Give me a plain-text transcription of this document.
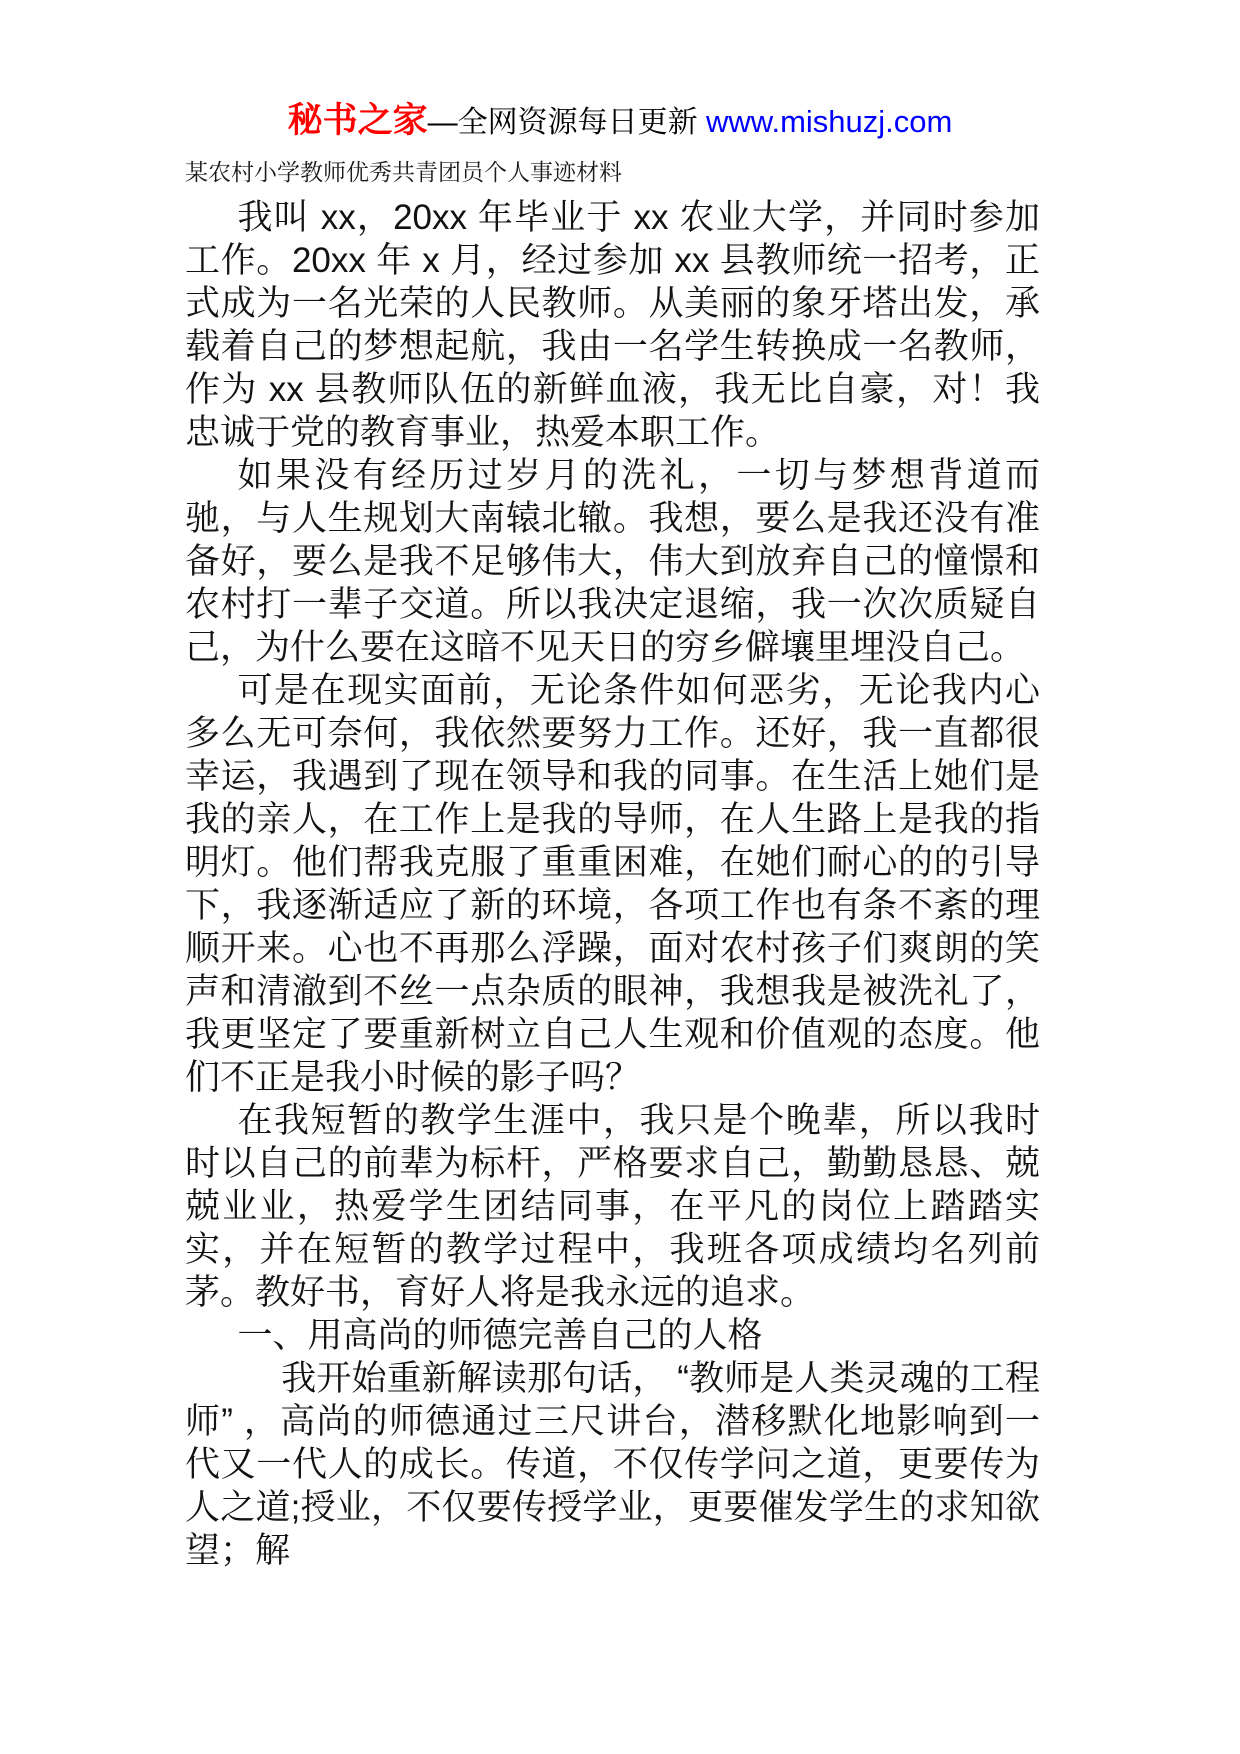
秘书之家—全网资源每日更新 www.mishuzj.com
某农村小学教师优秀共青团员个人事迹材料

我叫 xx，20xx 年毕业于 xx 农业大学，并同时参加工作。20xx 年 x 月，经过参加 xx 县教师统一招考，正式成为一名光荣的人民教师。从美丽的象牙塔出发，承载着自己的梦想起航，我由一名学生转换成一名教师，作为 xx 县教师队伍的新鲜血液，我无比自豪，对！我忠诚于党的教育事业，热爱本职工作。

如果没有经历过岁月的洗礼，一切与梦想背道而驰，与人生规划大南辕北辙。我想，要么是我还没有准备好，要么是我不足够伟大，伟大到放弃自己的憧憬和农村打一辈子交道。所以我决定退缩，我一次次质疑自己，为什么要在这暗不见天日的穷乡僻壤里埋没自己。

可是在现实面前，无论条件如何恶劣，无论我内心多么无可奈何，我依然要努力工作。还好，我一直都很幸运，我遇到了现在领导和我的同事。在生活上她们是我的亲人，在工作上是我的导师，在人生路上是我的指明灯。他们帮我克服了重重困难，在她们耐心的的引导下，我逐渐适应了新的环境，各项工作也有条不紊的理顺开来。心也不再那么浮躁，面对农村孩子们爽朗的笑声和清澈到不丝一点杂质的眼神，我想我是被洗礼了，我更坚定了要重新树立自己人生观和价值观的态度。他们不正是我小时候的影子吗？

在我短暂的教学生涯中，我只是个晚辈，所以我时时以自己的前辈为标杆，严格要求自己，勤勤恳恳、兢兢业业，热爱学生团结同事，在平凡的岗位上踏踏实实，并在短暂的教学过程中，我班各项成绩均名列前茅。教好书，育好人将是我永远的追求。

一、用高尚的师德完善自己的人格

我开始重新解读那句话， “教师是人类灵魂的工程师” ，高尚的师德通过三尺讲台，潜移默化地影响到一代又一代人的成长。传道，不仅传学问之道，更要传为人之道;授业，不仅要传授学业，更要催发学生的求知欲望；解
